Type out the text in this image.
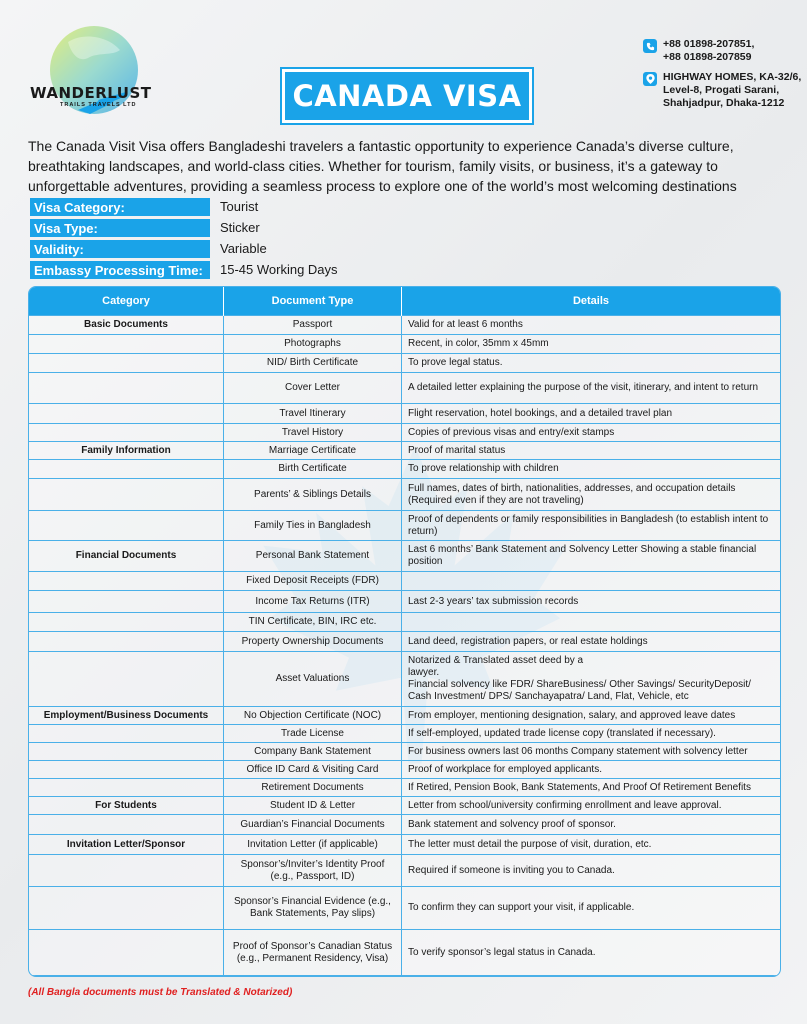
WANDERLUST
TRAILS TRAVELS LTD	CANADA VISA
+88 01898-207851,
+88 01898-207859
HIGHWAY HOMES, KA-32/6, Level-8, Progati Sarani, Shahjadpur, Dhaka-1212
The Canada Visit Visa offers Bangladeshi travelers a fantastic opportunity to experience Canada’s diverse culture, breathtaking landscapes, and world-class cities. Whether for tourism, family visits, or business, it’s a gateway to unforgettable adventures, providing a seamless process to explore one of the world’s most welcoming destinations
Visa Category:	Tourist
Visa Type:	Sticker
Validity:	Variable
Embassy Processing Time:	15-45 Working Days
Category	Document Type	Details
Basic Documents	Passport	Valid for at least 6 months
	Photographs	Recent, in color, 35mm x 45mm
	NID/ Birth Certificate	To prove legal status.
	Cover Letter	A detailed letter explaining the purpose of the visit, itinerary, and intent to return
	Travel Itinerary	Flight reservation, hotel bookings, and a detailed travel plan
	Travel History	Copies of previous visas and entry/exit stamps
Family Information	Marriage Certificate	Proof of marital status
	Birth Certificate	To prove relationship with children
	Parents’ & Siblings Details	Full names, dates of birth, nationalities, addresses, and occupation details (Required even if they are not traveling)
	Family Ties in Bangladesh	Proof of dependents or family responsibilities in Bangladesh (to establish intent to return)
Financial Documents	Personal Bank Statement	Last 6 months’ Bank Statement and Solvency Letter Showing a stable financial position
	Fixed Deposit Receipts (FDR)	
	Income Tax Returns (ITR)	Last 2-3 years’ tax submission records
	TIN Certificate, BIN, IRC etc.	
	Property Ownership Documents	Land deed, registration papers, or real estate holdings
	Asset Valuations	Notarized & Translated asset deed by a
lawyer.
Financial solvency like FDR/ ShareBusiness/ Other Savings/ SecurityDeposit/ Cash Investment/ DPS/ Sanchayapatra/ Land, Flat, Vehicle, etc
Employment/Business Documents	No Objection Certificate (NOC)	From employer, mentioning designation, salary, and approved leave dates
	Trade License	If self-employed, updated trade license copy (translated if necessary).
	Company Bank Statement	For business owners last 06 months Company statement with solvency letter
	Office ID Card & Visiting Card	Proof of workplace for employed applicants.
	Retirement Documents	If Retired, Pension Book, Bank Statements, And Proof Of Retirement Benefits
For Students	Student ID & Letter	Letter from school/university confirming enrollment and leave approval.
	Guardian’s Financial Documents	Bank statement and solvency proof of sponsor.
Invitation Letter/Sponsor	Invitation Letter (if applicable)	The letter must detail the purpose of visit, duration, etc.
	Sponsor’s/Inviter’s Identity Proof (e.g., Passport, ID)	Required if someone is inviting you to Canada.
	Sponsor’s Financial Evidence (e.g., Bank Statements, Pay slips)	To confirm they can support your visit, if applicable.
	Proof of Sponsor’s Canadian Status (e.g., Permanent Residency, Visa)	To verify sponsor’s legal status in Canada.
(All Bangla documents must be Translated & Notarized)
